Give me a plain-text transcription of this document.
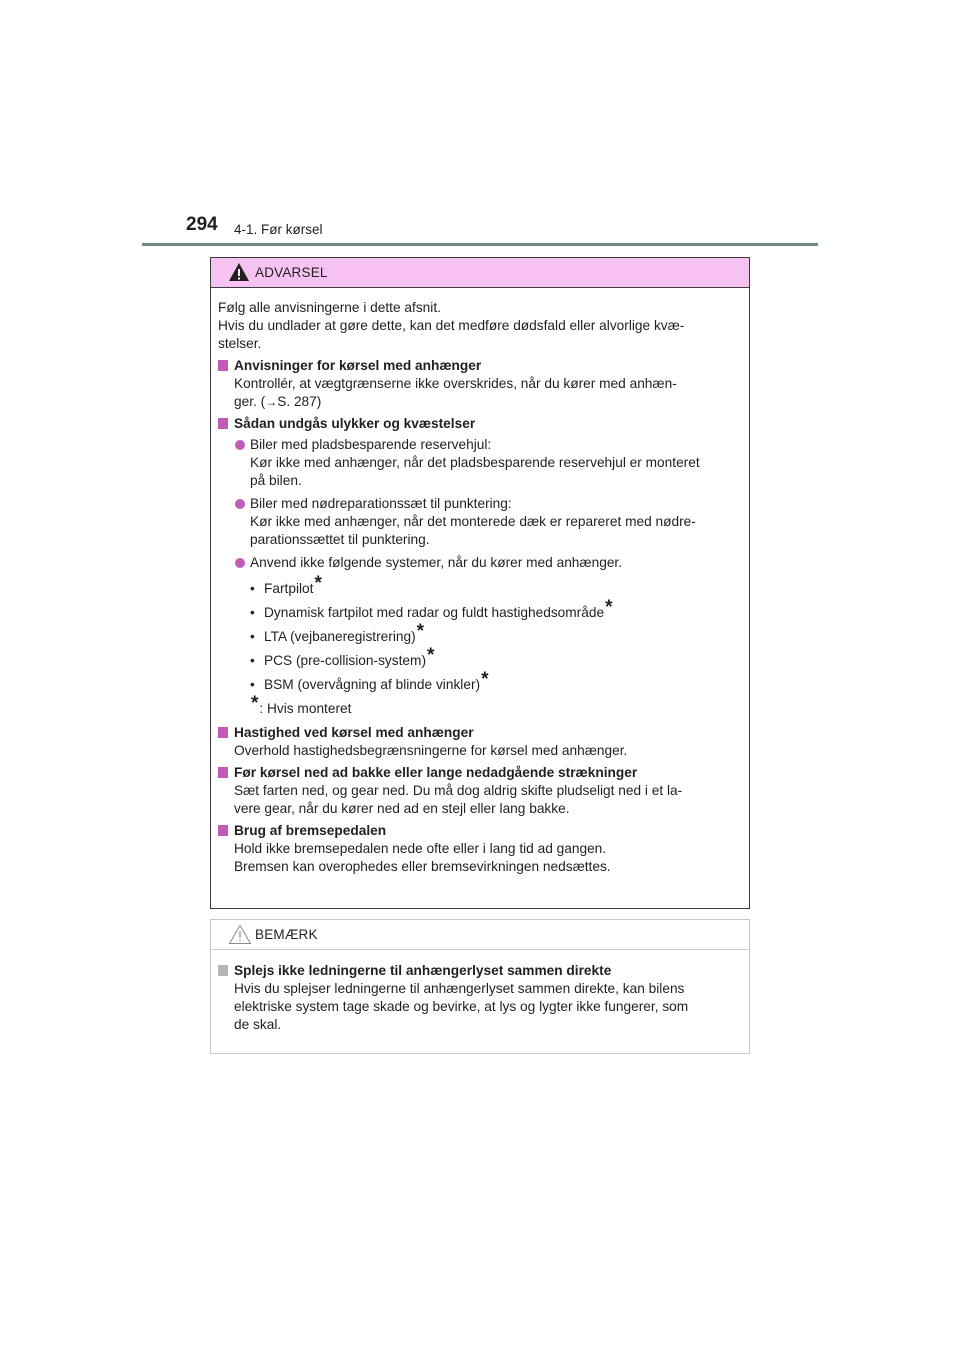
294 4-1. Før kørsel
ADVARSEL
Følg alle anvisningerne i dette afsnit.
Hvis du undlader at gøre dette, kan det medføre dødsfald eller alvorlige kvæ-
stelser.
Anvisninger for kørsel med anhænger
Kontrollér, at vægtgrænserne ikke overskrides, når du kører med anhæn-
ger. (→S. 287)
Sådan undgås ulykker og kvæstelser
Biler med pladsbesparende reservehjul:
Kør ikke med anhænger, når det pladsbesparende reservehjul er monteret
på bilen.
Biler med nødreparationssæt til punktering:
Kør ikke med anhænger, når det monterede dæk er repareret med nødre-
parationssættet til punktering.
Anvend ikke følgende systemer, når du kører med anhænger.
• Fartpilot*
• Dynamisk fartpilot med radar og fuldt hastighedsområde*
• LTA (vejbaneregistrering)*
• PCS (pre-collision-system)*
• BSM (overvågning af blinde vinkler)*
*: Hvis monteret
Hastighed ved kørsel med anhænger
Overhold hastighedsbegrænsningerne for kørsel med anhænger.
Før kørsel ned ad bakke eller lange nedadgående strækninger
Sæt farten ned, og gear ned. Du må dog aldrig skifte pludseligt ned i et la-
vere gear, når du kører ned ad en stejl eller lang bakke.
Brug af bremsepedalen
Hold ikke bremsepedalen nede ofte eller i lang tid ad gangen.
Bremsen kan overophedes eller bremsevirkningen nedsættes.
BEMÆRK
Splejs ikke ledningerne til anhængerlyset sammen direkte
Hvis du splejser ledningerne til anhængerlyset sammen direkte, kan bilens
elektriske system tage skade og bevirke, at lys og lygter ikke fungerer, som
de skal.
